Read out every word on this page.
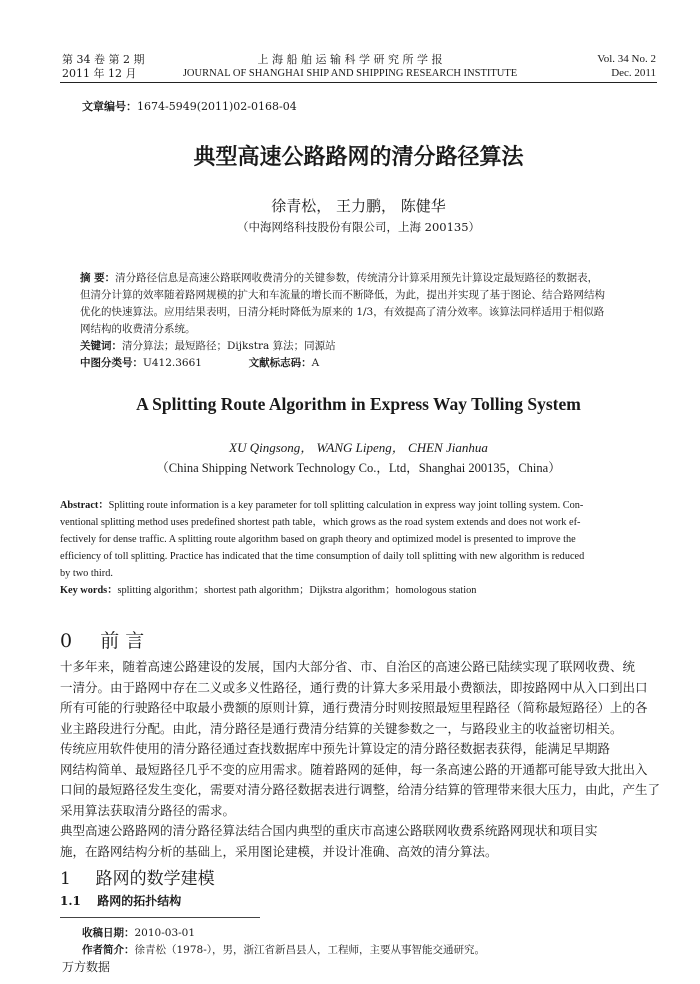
第 34 卷 第 2 期
2011 年 12 月
上 海 船 舶 运 输 科 学 研 究 所 学 报
JOURNAL OF SHANGHAI SHIP AND SHIPPING RESEARCH INSTITUTE
Vol. 34 No. 2
Dec. 2011
文章编号：1674-5949(2011)02-0168-04
典型高速公路路网的清分路径算法
徐青松， 王力鹏， 陈健华
（中海网络科技股份有限公司，上海 200135）
摘 要：清分路径信息是高速公路联网收费清分的关键参数，传统清分计算采用预先计算设定最短路径的数据表，
但清分计算的效率随着路网规模的扩大和车流量的增长而不断降低，为此，提出并实现了基于图论、结合路网结构
优化的快速算法。应用结果表明，日清分耗时降低为原来的 1/3，有效提高了清分效率。该算法同样适用于相似路
网结构的收费清分系统。
关键词：清分算法；最短路径；Dijkstra 算法；同源站
中图分类号：U412.3661	文献标志码：A
A Splitting Route Algorithm in Express Way Tolling System
XU Qingsong， WANG Lipeng， CHEN Jianhua
（China Shipping Network Technology Co.，Ltd，Shanghai 200135，China）
Abstract：Splitting route information is a key parameter for toll splitting calculation in express way joint tolling system. Con-
ventional splitting method uses predefined shortest path table，which grows as the road system extends and does not work ef-
fectively for dense traffic. A splitting route algorithm based on graph theory and optimized model is presented to improve the
efficiency of toll splitting. Practice has indicated that the time consumption of daily toll splitting with new algorithm is reduced
by two third.
Key words：splitting algorithm；shortest path algorithm；Dijkstra algorithm；homologous station
0 前 言
十多年来，随着高速公路建设的发展，国内大部分省、市、自治区的高速公路已陆续实现了联网收费、统
一清分。由于路网中存在二义或多义性路径，通行费的计算大多采用最小费额法，即按路网中从入口到出口
所有可能的行驶路径中取最小费额的原则计算，通行费清分时则按照最短里程路径（简称最短路径）上的各
业主路段进行分配。由此，清分路径是通行费清分结算的关键参数之一，与路段业主的收益密切相关。
传统应用软件使用的清分路径通过查找数据库中预先计算设定的清分路径数据表获得，能满足早期路
网结构简单、最短路径几乎不变的应用需求。随着路网的延伸，每一条高速公路的开通都可能导致大批出入
口间的最短路径发生变化，需要对清分路径数据表进行调整，给清分结算的管理带来很大压力，由此，产生了
采用算法获取清分路径的需求。
典型高速公路路网的清分路径算法结合国内典型的重庆市高速公路联网收费系统路网现状和项目实
施，在路网结构分析的基础上，采用图论建模，并设计准确、高效的清分算法。
1 路网的数学建模
1.1 路网的拓扑结构
收稿日期：2010-03-01
作者简介：徐青松（1978-），男，浙江省新昌县人，工程师，主要从事智能交通研究。
万方数据
